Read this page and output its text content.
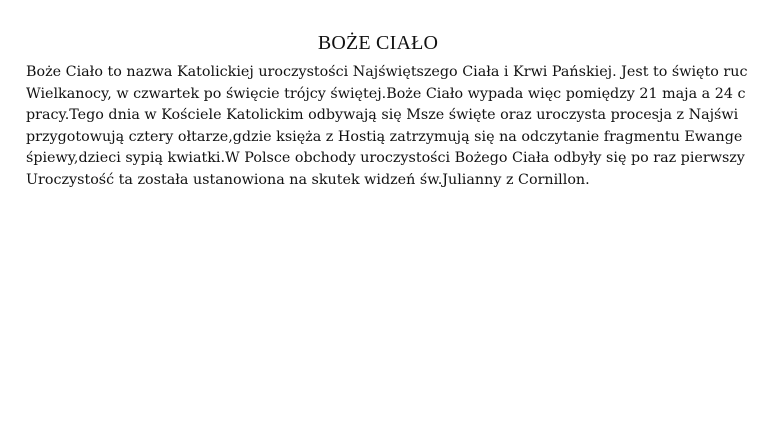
BOŻE CIAŁO
Boże Ciało to nazwa Katolickiej uroczystości Najświętszego Ciała i Krwi Pańskiej. Jest to święto ruc
Wielkanocy, w czwartek po święcie trójcy świętej.Boże Ciało wypada więc pomiędzy 21 maja a 24 c
pracy.Tego dnia w Kościele Katolickim odbywają się Msze święte oraz uroczysta procesja z Najświ
przygotowują cztery ołtarze,gdzie księża z Hostią zatrzymują się na odczytanie fragmentu Ewange
śpiewy,dzieci sypią kwiatki.W Polsce obchody uroczystości Bożego Ciała odbyły się po raz pierwszy
Uroczystość ta została ustanowiona na skutek widzeń św.Julianny z Cornillon.
